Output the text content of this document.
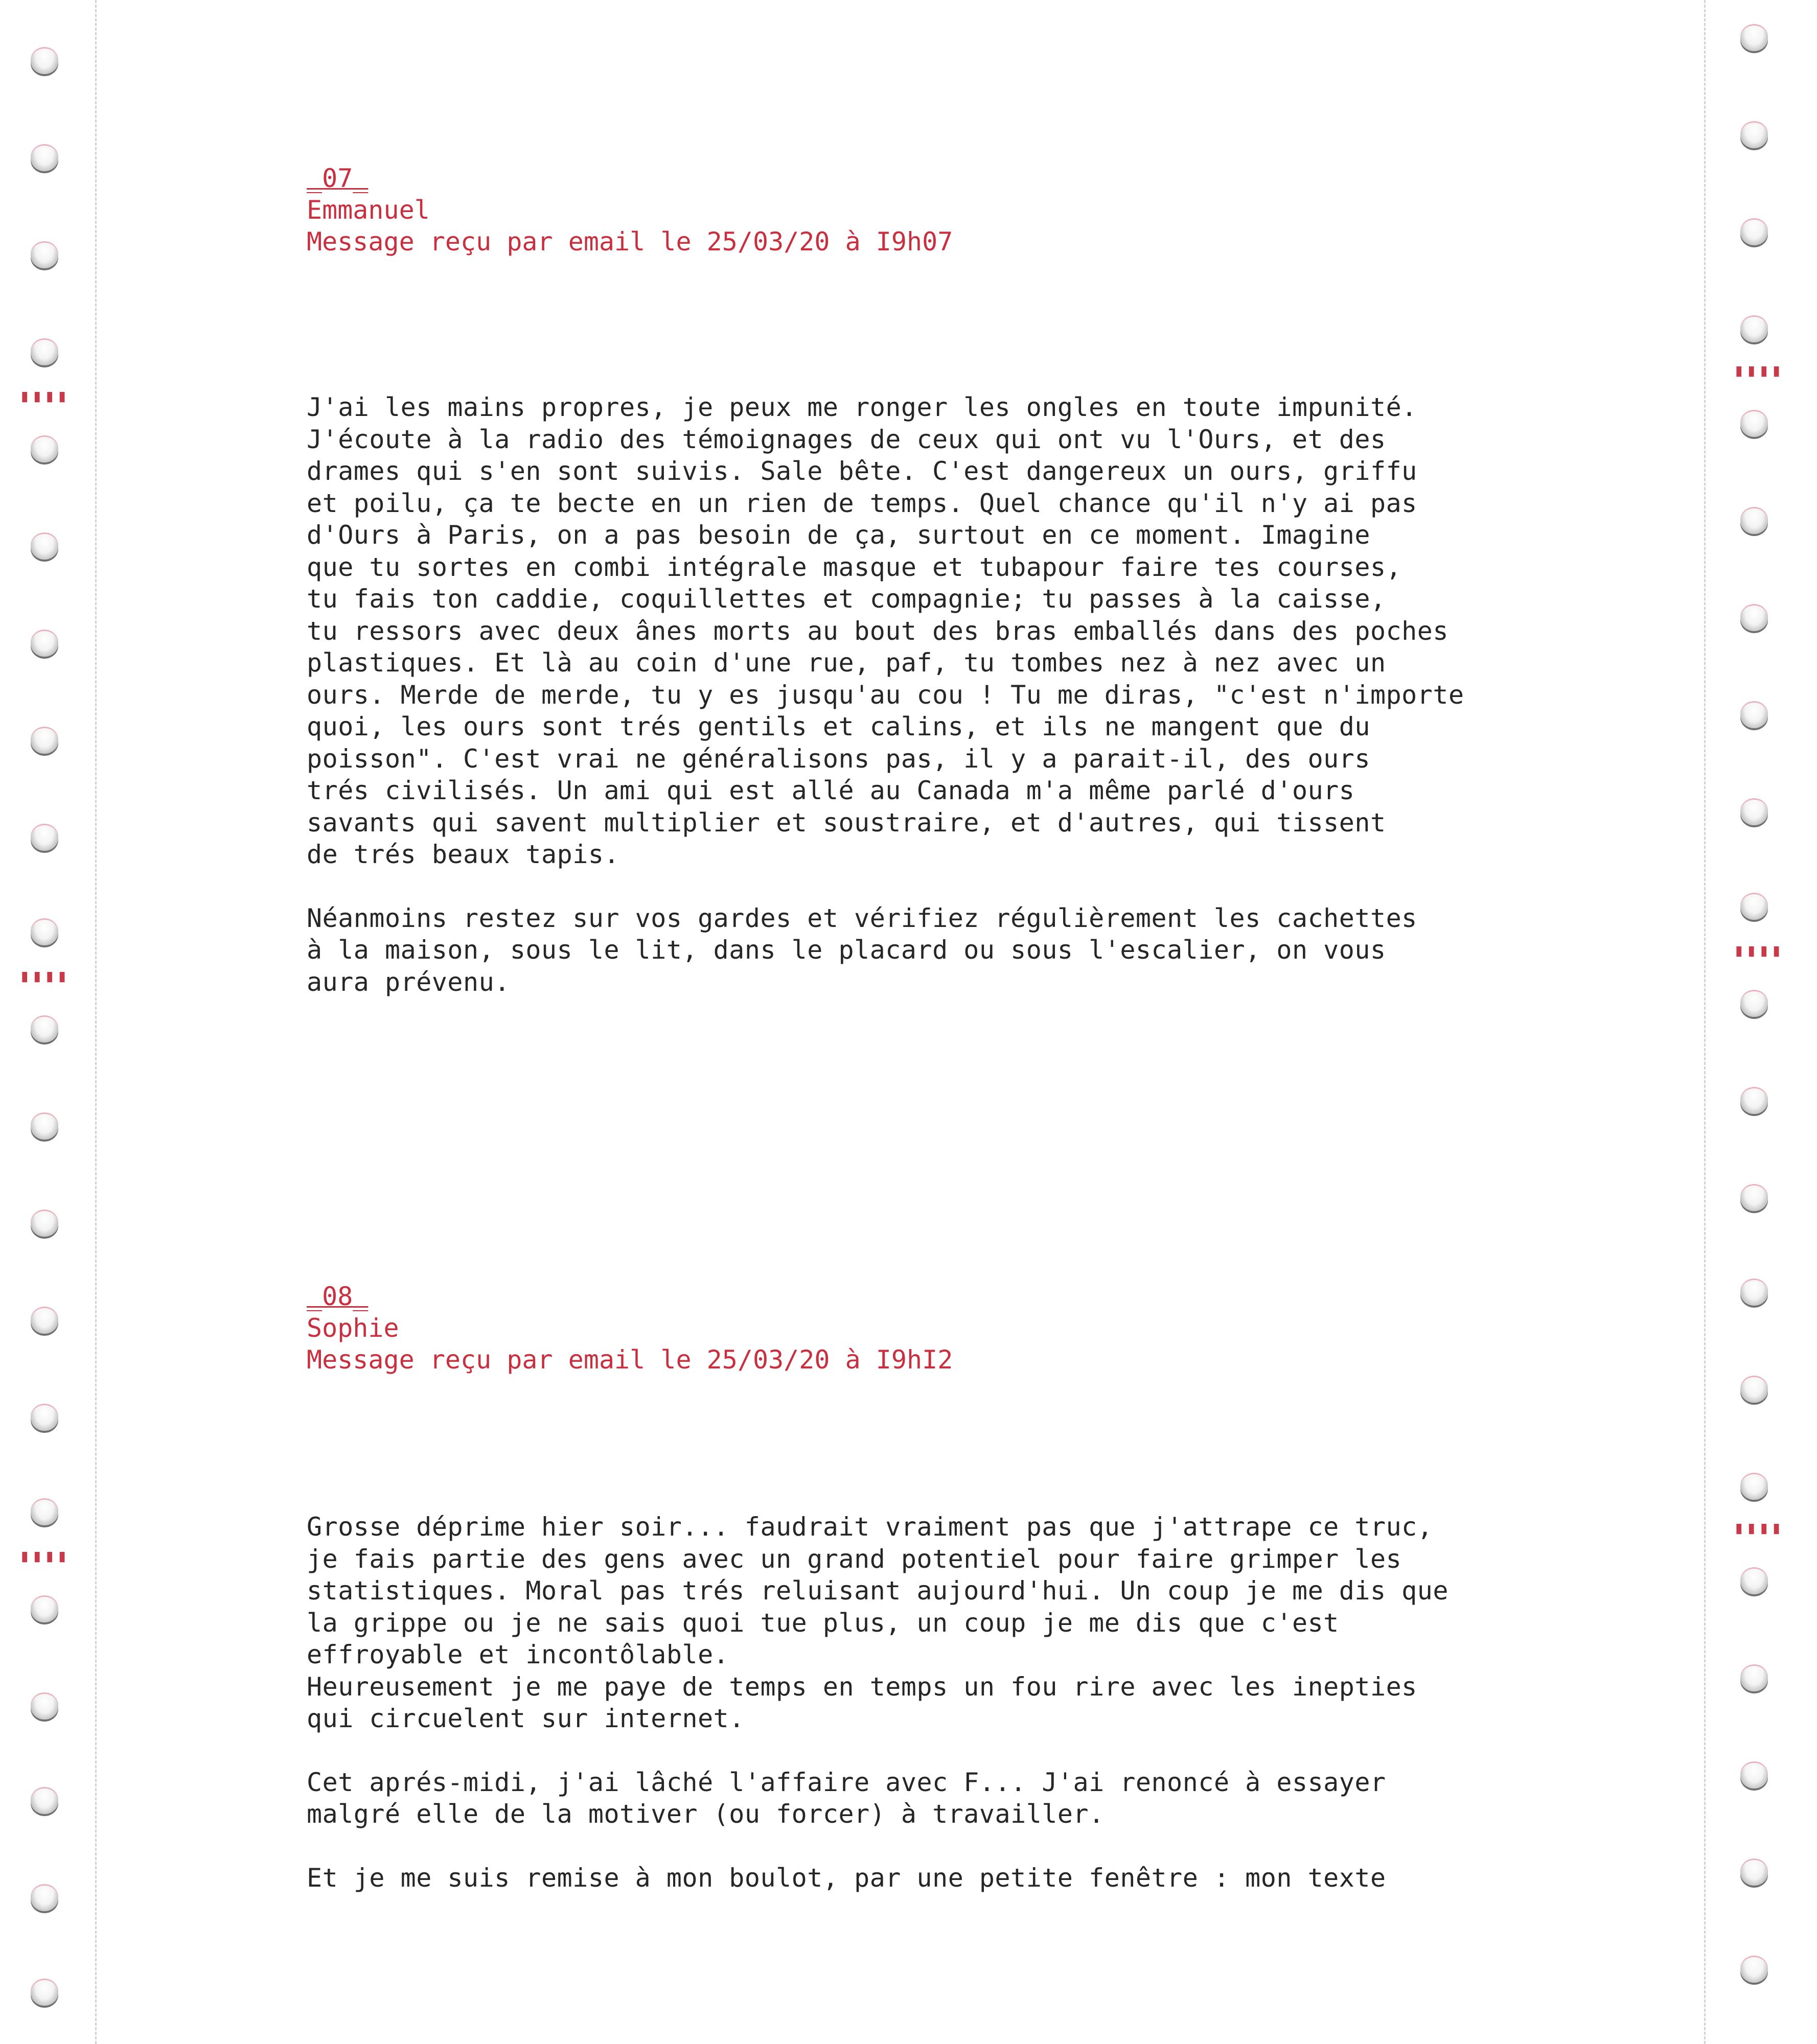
▮▮▮▮
▮▮▮▮
▮▮▮▮
▮▮▮▮
▮▮▮▮
▮▮▮▮
_07_
Emmanuel
Message reçu par email le 25/03/20 à I9h07
J'ai les mains propres, je peux me ronger les ongles en toute impunité.
J'écoute à la radio des témoignages de ceux qui ont vu l'Ours, et des
drames qui s'en sont suivis. Sale bête. C'est dangereux un ours, griffu
et poilu, ça te becte en un rien de temps. Quel chance qu'il n'y ai pas
d'Ours à Paris, on a pas besoin de ça, surtout en ce moment. Imagine
que tu sortes en combi intégrale masque et tubapour faire tes courses,
tu fais ton caddie, coquillettes et compagnie; tu passes à la caisse,
tu ressors avec deux ânes morts au bout des bras emballés dans des poches
plastiques. Et là au coin d'une rue, paf, tu tombes nez à nez avec un
ours. Merde de merde, tu y es jusqu'au cou ! Tu me diras, "c'est n'importe
quoi, les ours sont trés gentils et calins, et ils ne mangent que du
poisson". C'est vrai ne généralisons pas, il y a parait-il, des ours
trés civilisés. Un ami qui est allé au Canada m'a même parlé d'ours
savants qui savent multiplier et soustraire, et d'autres, qui tissent
de trés beaux tapis.
Néanmoins restez sur vos gardes et vérifiez régulièrement les cachettes
à la maison, sous le lit, dans le placard ou sous l'escalier, on vous
aura prévenu.
_08_
Sophie
Message reçu par email le 25/03/20 à I9hI2
Grosse déprime hier soir... faudrait vraiment pas que j'attrape ce truc,
je fais partie des gens avec un grand potentiel pour faire grimper les
statistiques. Moral pas trés reluisant aujourd'hui. Un coup je me dis que
la grippe ou je ne sais quoi tue plus, un coup je me dis que c'est
effroyable et incontôlable.
Heureusement je me paye de temps en temps un fou rire avec les inepties
qui circuelent sur internet.
Cet aprés-midi, j'ai lâché l'affaire avec F... J'ai renoncé à essayer
malgré elle de la motiver (ou forcer) à travailler.
Et je me suis remise à mon boulot, par une petite fenêtre : mon texte
